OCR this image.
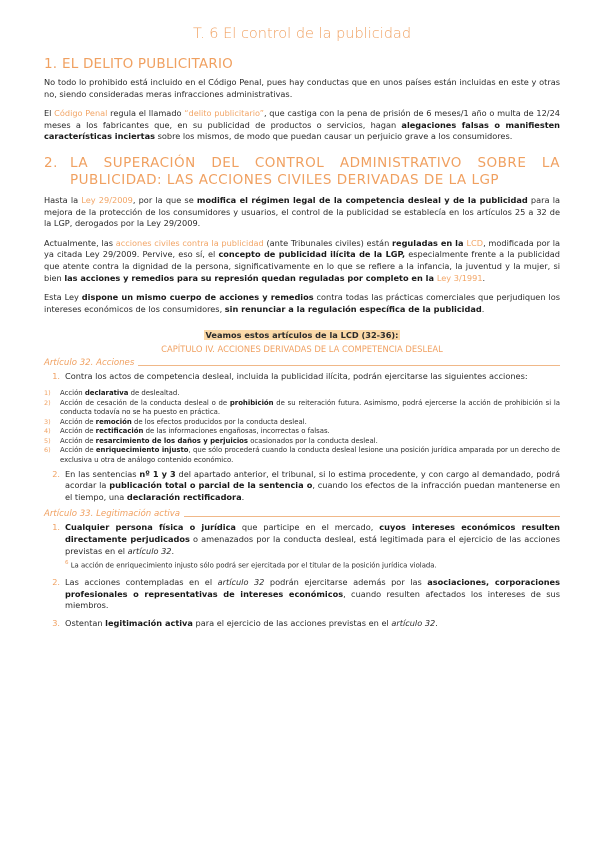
T. 6 El control de la publicidad
1. EL DELITO PUBLICITARIO

No todo lo prohibido está incluido en el Código Penal, pues hay conductas que en unos países están incluidas en este y otras no, siendo consideradas meras infracciones administrativas.

El Código Penal regula el llamado “delito publicitario”, que castiga con la pena de prisión de 6 meses/1 año o multa de 12/24 meses a los fabricantes que, en su publicidad de productos o servicios, hagan alegaciones falsas o manifiesten características inciertas sobre los mismos, de modo que puedan causar un perjuicio grave a los consumidores.

2. LA SUPERACIÓN DEL CONTROL ADMINISTRATIVO SOBRE LA PUBLICIDAD: LAS ACCIONES CIVILES DERIVADAS DE LA LGP

Hasta la Ley 29/2009, por la que se modifica el régimen legal de la competencia desleal y de la publicidad para la mejora de la protección de los consumidores y usuarios, el control de la publicidad se establecía en los artículos 25 a 32 de la LGP, derogados por la Ley 29/2009.

Actualmente, las acciones civiles contra la publicidad (ante Tribunales civiles) están reguladas en la LCD, modificada por la ya citada Ley 29/2009. Pervive, eso sí, el concepto de publicidad ilícita de la LGP, especialmente frente a la publicidad que atente contra la dignidad de la persona, significativamente en lo que se refiere a la infancia, la juventud y la mujer, si bien las acciones y remedios para su represión quedan reguladas por completo en la Ley 3/1991.

Esta Ley dispone un mismo cuerpo de acciones y remedios contra todas las prácticas comerciales que perjudiquen los intereses económicos de los consumidores, sin renunciar a la regulación específica de la publicidad.

Veamos estos artículos de la LCD (32-36):
CAPÍTULO IV. ACCIONES DERIVADAS DE LA COMPETENCIA DESLEAL
Artículo 32. Acciones
1. Contra los actos de competencia desleal, incluida la publicidad ilícita, podrán ejercitarse las siguientes acciones:
1)	Acción declarativa de deslealtad.
2)	Acción de cesación de la conducta desleal o de prohibición de su reiteración futura. Asimismo, podrá ejercerse la acción de prohibición si la conducta todavía no se ha puesto en práctica.
3)	Acción de remoción de los efectos producidos por la conducta desleal.
4)	Acción de rectificación de las informaciones engañosas, incorrectas o falsas.
5)	Acción de resarcimiento de los daños y perjuicios ocasionados por la conducta desleal.
6)	Acción de enriquecimiento injusto, que sólo procederá cuando la conducta desleal lesione una posición jurídica amparada por un derecho de exclusiva u otra de análogo contenido económico.
2. En las sentencias nº 1 y 3 del apartado anterior, el tribunal, si lo estima procedente, y con cargo al demandado, podrá acordar la publicación total o parcial de la sentencia o, cuando los efectos de la infracción puedan mantenerse en el tiempo, una declaración rectificadora.
Artículo 33. Legitimación activa
1. Cualquier persona física o jurídica que participe en el mercado, cuyos intereses económicos resulten directamente perjudicados o amenazados por la conducta desleal, está legitimada para el ejercicio de las acciones previstas en el artículo 32.
$^6$ La acción de enriquecimiento injusto sólo podrá ser ejercitada por el titular de la posición jurídica violada.
2. Las acciones contempladas en el artículo 32 podrán ejercitarse además por las asociaciones, corporaciones profesionales o representativas de intereses económicos, cuando resulten afectados los intereses de sus miembros.
3. Ostentan legitimación activa para el ejercicio de las acciones previstas en el artículo 32.
